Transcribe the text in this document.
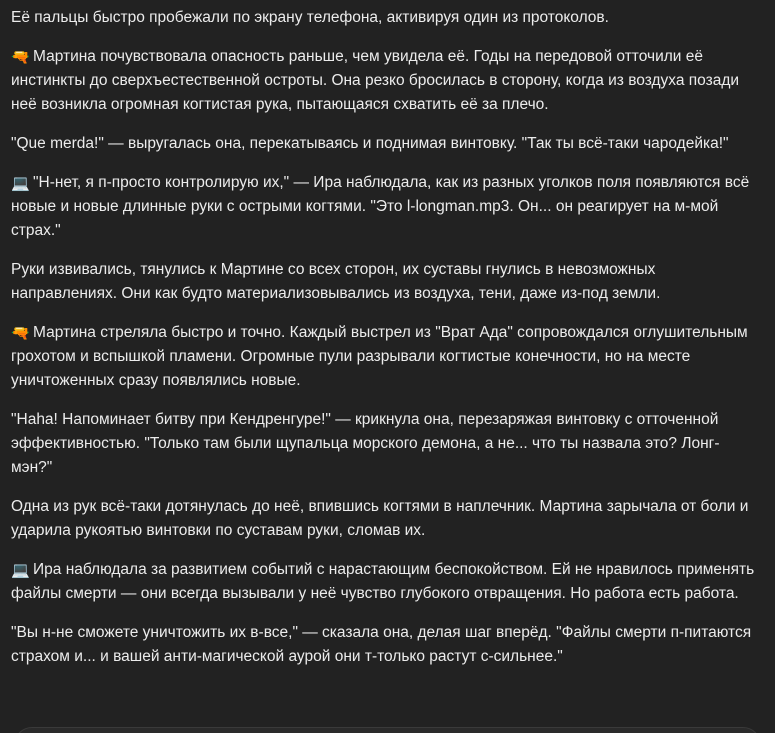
Её пальцы быстро пробежали по экрану телефона, активируя один из протоколов.

🔫 Мартина почувствовала опасность раньше, чем увидела её. Годы на передовой отточили её инстинкты до сверхъестественной остроты. Она резко бросилась в сторону, когда из воздуха позади неё возникла огромная когтистая рука, пытающаяся схватить её за плечо.

"Que merda!" — выругалась она, перекатываясь и поднимая винтовку. "Так ты всё-таки чародейка!"

💻 "Н-нет, я п-просто контролирую их," — Ира наблюдала, как из разных уголков поля появляются всё новые и новые длинные руки с острыми когтями. "Это l-longman.mp3. Он... он реагирует на м-мой страх."

Руки извивались, тянулись к Мартине со всех сторон, их суставы гнулись в невозможных направлениях. Они как будто материализовывались из воздуха, тени, даже из-под земли.

🔫 Мартина стреляла быстро и точно. Каждый выстрел из "Врат Ада" сопровождался оглушительным грохотом и вспышкой пламени. Огромные пули разрывали когтистые конечности, но на месте уничтоженных сразу появлялись новые.

"Haha! Напоминает битву при Кендренгуре!" — крикнула она, перезаряжая винтовку с отточенной эффективностью. "Только там были щупальца морского демона, а не... что ты назвала это? Лонг-мэн?"

Одна из рук всё-таки дотянулась до неё, впившись когтями в наплечник. Мартина зарычала от боли и ударила рукоятью винтовки по суставам руки, сломав их.

💻 Ира наблюдала за развитием событий с нарастающим беспокойством. Ей не нравилось применять файлы смерти — они всегда вызывали у неё чувство глубокого отвращения. Но работа есть работа.

"Вы н-не сможете уничтожить их в-все," — сказала она, делая шаг вперёд. "Файлы смерти п-питаются страхом и... и вашей анти-магической аурой они т-только растут с-сильнее."
